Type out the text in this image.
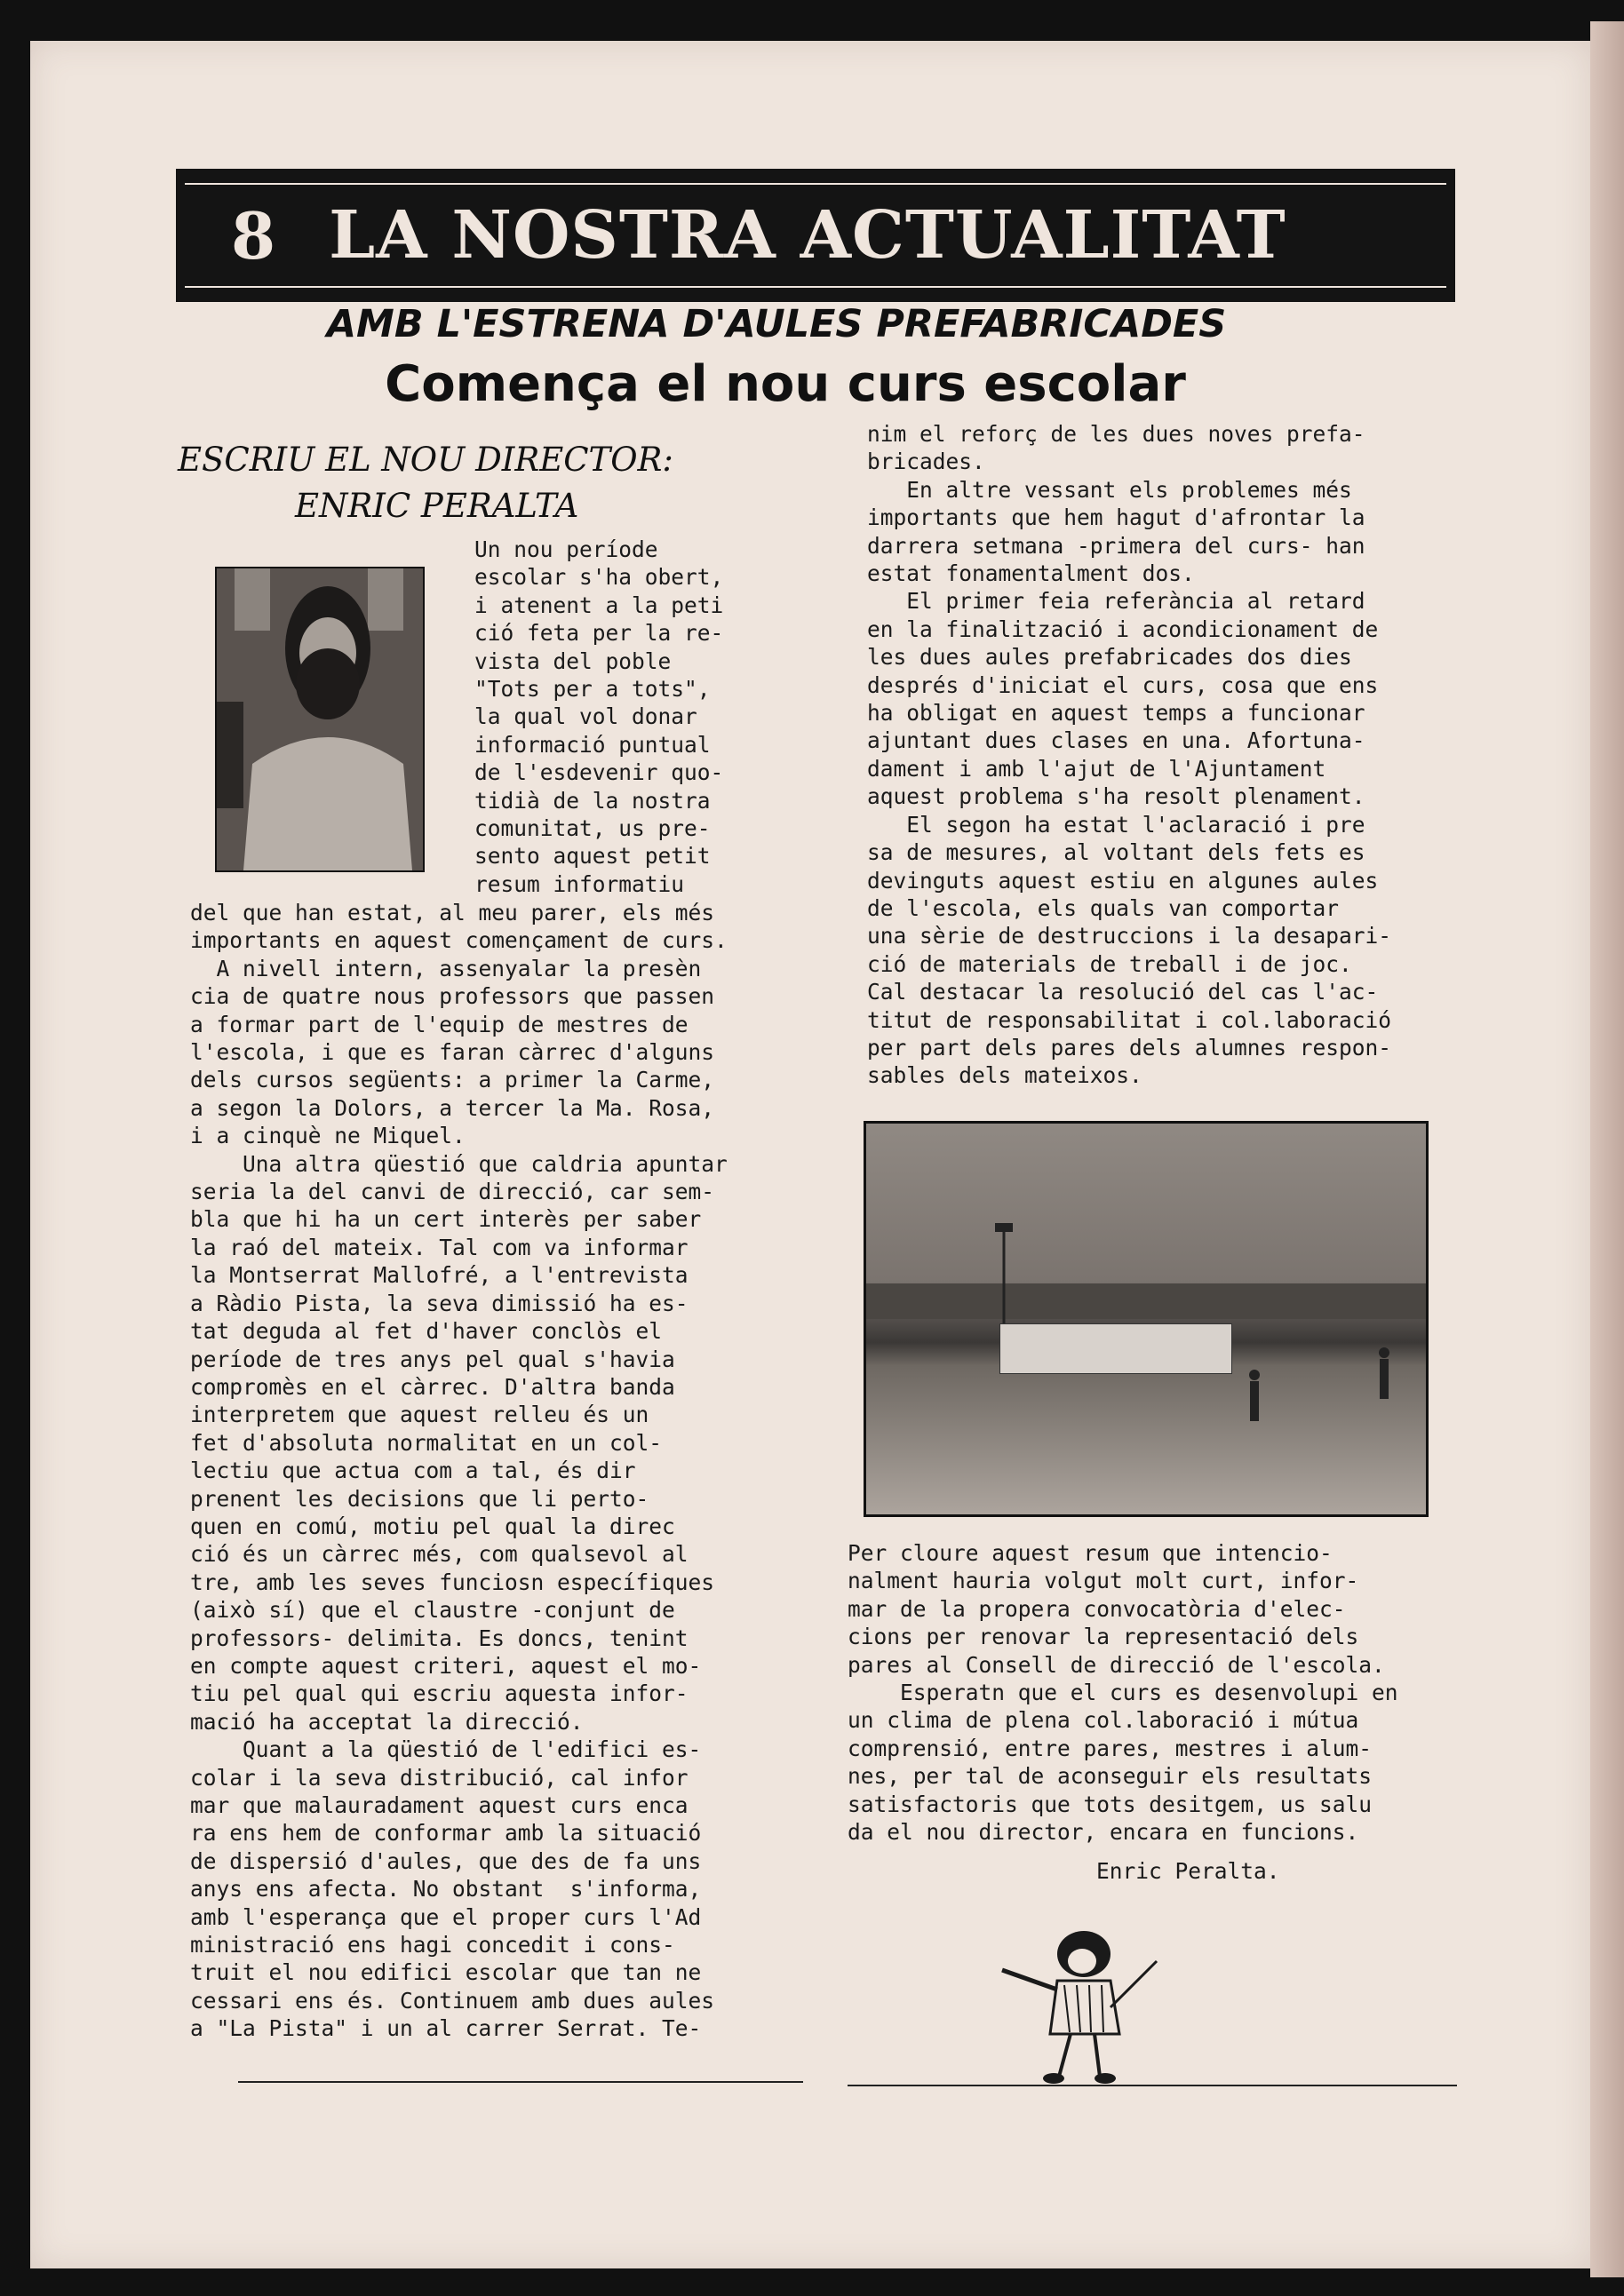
8 LA NOSTRA ACTUALITAT
AMB L'ESTRENA D'AULES PREFABRICADES
Comença el nou curs escolar
ESCRIU EL NOU DIRECTOR:
ENRIC PERALTA
Un nou període
escolar s'ha obert,
i atenent a la peti
ció feta per la re-
vista del poble
"Tots per a tots",
la qual vol donar
informació puntual
de l'esdevenir quo-
tidià de la nostra
comunitat, us pre-
sento aquest petit
resum informatiu
del que han estat, al meu parer, els més
importants en aquest començament de curs.
A nivell intern, assenyalar la presèn
cia de quatre nous professors que passen
a formar part de l'equip de mestres de
l'escola, i que es faran càrrec d'alguns
dels cursos següents: a primer la Carme,
a segon la Dolors, a tercer la Ma. Rosa,
i a cinquè ne Miquel.
Una altra qüestió que caldria apuntar
seria la del canvi de direcció, car sem-
bla que hi ha un cert interès per saber
la raó del mateix. Tal com va informar
la Montserrat Mallofré, a l'entrevista
a Ràdio Pista, la seva dimissió ha es-
tat deguda al fet d'haver conclòs el
període de tres anys pel qual s'havia
compromès en el càrrec. D'altra banda
interpretem que aquest relleu és un
fet d'absoluta normalitat en un col-
lectiu que actua com a tal, és dir
prenent les decisions que li perto-
quen en comú, motiu pel qual la direc
ció és un càrrec més, com qualsevol al
tre, amb les seves funciosn específiques
(això sí) que el claustre -conjunt de
professors- delimita. Es doncs, tenint
en compte aquest criteri, aquest el mo-
tiu pel qual qui escriu aquesta infor-
mació ha acceptat la direcció.
Quant a la qüestió de l'edifici es-
colar i la seva distribució, cal infor
mar que malauradament aquest curs enca
ra ens hem de conformar amb la situació
de dispersió d'aules, que des de fa uns
anys ens afecta. No obstant  s'informa,
amb l'esperança que el proper curs l'Ad
ministració ens hagi concedit i cons-
truit el nou edifici escolar que tan ne
cessari ens és. Continuem amb dues aules
a "La Pista" i un al carrer Serrat. Te-
nim el reforç de les dues noves prefa-
bricades.
En altre vessant els problemes més
importants que hem hagut d'afrontar la
darrera setmana -primera del curs- han
estat fonamentalment dos.
El primer feia referància al retard
en la finalització i acondicionament de
les dues aules prefabricades dos dies
després d'iniciat el curs, cosa que ens
ha obligat en aquest temps a funcionar
ajuntant dues clases en una. Afortuna-
dament i amb l'ajut de l'Ajuntament
aquest problema s'ha resolt plenament.
El segon ha estat l'aclaració i pre
sa de mesures, al voltant dels fets es
devinguts aquest estiu en algunes aules
de l'escola, els quals van comportar
una sèrie de destruccions i la desapari-
ció de materials de treball i de joc.
Cal destacar la resolució del cas l'ac-
titut de responsabilitat i col.laboració
per part dels pares dels alumnes respon-
sables dels mateixos.
Per cloure aquest resum que intencio-
nalment hauria volgut molt curt, infor-
mar de la propera convocatòria d'elec-
cions per renovar la representació dels
pares al Consell de direcció de l'escola.
Esperatn que el curs es desenvolupi en
un clima de plena col.laboració i mútua
comprensió, entre pares, mestres i alum-
nes, per tal de aconseguir els resultats
satisfactoris que tots desitgem, us salu
da el nou director, encara en funcions.
Enric Peralta.
